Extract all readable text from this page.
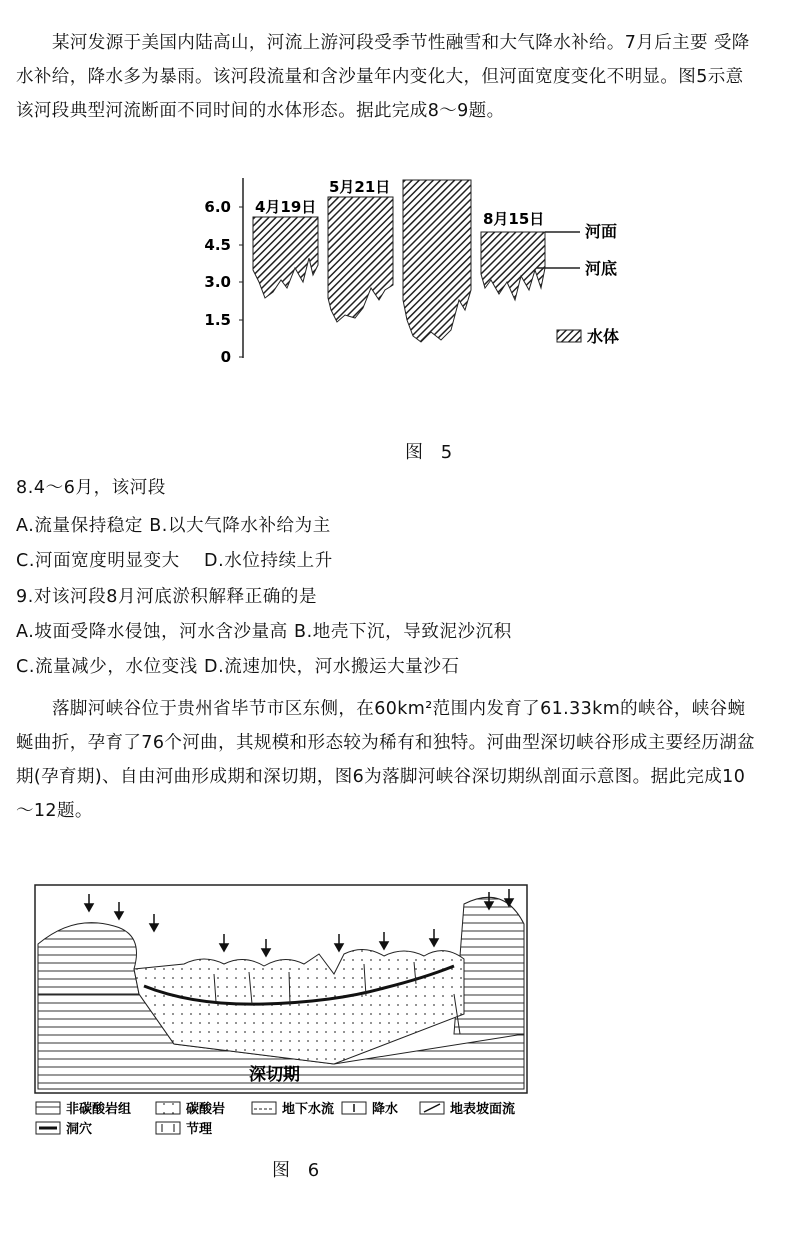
某河发源于美国内陆高山，河流上游河段受季节性融雪和大气降水补给。7月后主要 受降水补给，降水多为暴雨。该河段流量和含沙量年内变化大，但河面宽度变化不明显。图5示意该河段典型河流断面不同时间的水体形态。据此完成8～9题。

6.0
4.5
3.0
1.5
0
4月19日
5月21日
8月15日
河面
河底
水体
图 5
8.4～6月，该河段
A.流量保持稳定 B.以大气降水补给为主
C.河面宽度明显变大　 D.水位持续上升
9.对该河段8月河底淤积解释正确的是
A.坡面受降水侵蚀，河水含沙量高 B.地壳下沉，导致泥沙沉积
C.流量减少，水位变浅 D.流速加快，河水搬运大量沙石

落脚河峡谷位于贵州省毕节市区东侧，在60km²范围内发育了61.33km的峡谷，峡谷蜿蜒曲折，孕育了76个河曲，其规模和形态较为稀有和独特。河曲型深切峡谷形成主要经历湖盆期(孕育期)、自由河曲形成期和深切期，图6为落脚河峡谷深切期纵剖面示意图。据此完成10～12题。

深切期
非碳酸岩组	碳酸岩	地下水流	降水	地表坡面流
洞穴	节理
图 6
